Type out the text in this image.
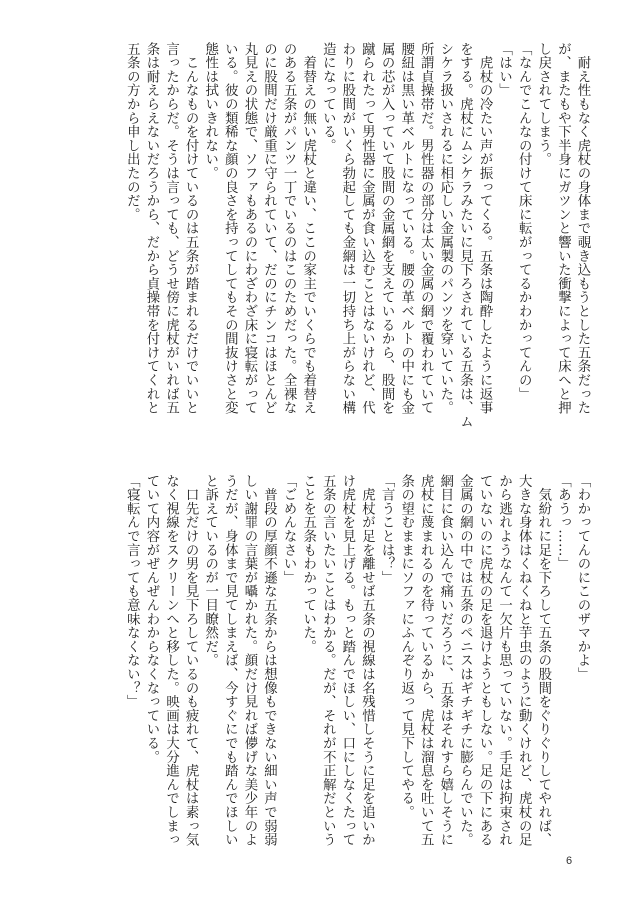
　耐え性もなく虎杖の身体まで覗き込もうとした五条だった
が、またもや下半身にガツンと響いた衝撃によって床へと押
し戻されてしまう。
「なんでこんなの付けて床に転がってるかわかってんの」
「はい」
　虎杖の冷たい声が振ってくる。五条は陶酔したように返事
をする。虎杖にムシケラみたいに見下ろされている五条は、ム
シケラ扱いされるに相応しい金属製のパンツを穿いていた。
所謂貞操帯だ。男性器の部分は太い金属の網で覆われていて
腰紐は黒い革ベルトになっている。腰の革ベルトの中にも金
属の芯が入っていて股間の金属網を支えているから、股間を
蹴られたって男性器に金属が食い込むことはないけれど、代
わりに股間がいくら勃起しても金網は一切持ち上がらない構
造になっている。
　着替えの無い虎杖と違い、ここの家主でいくらでも着替え
のある五条がパンツ一丁でいるのはこのためだった。全裸な
のに股間だけ厳重に守られていて、だのにチンコはほとんど
丸見えの状態で、ソファもあるのにわざわざ床に寝転がって
いる。彼の類稀な顔の良さを持ってしてもその間抜けさと変
態性は拭いきれない。
　こんなものを付けているのは五条が踏まれるだけでいいと
言ったからだ。そうは言っても、どうせ傍に虎杖がいれば五
条は耐えらえないだろうから、だから貞操帯を付けてくれと
五条の方から申し出たのだ。
「わかってんのにこのザマかよ」
「あうっ……」
　気紛れに足を下ろして五条の股間をぐりぐりしてやれば、
大きな身体はくねくねと芋虫のように動くけれど、虎杖の足
から逃れようなんて一欠片も思っていない。手足は拘束され
ていないのに虎杖の足を退けようともしない。足の下にある
金属の網の中では五条のペニスはギチギチに膨らんでいた。
網目に食い込んで痛いだろうに、五条はそれすら嬉しそうに
虎杖に蔑まれるのを待っているから、虎杖は溜息を吐いて五
条の望むままにソファにふんぞり返って見下してやる。
「言うことは？」
　虎杖が足を離せば五条の視線は名残惜しそうに足を追いか
け虎杖を見上げる。もっと踏んでほしい、口にしなくたって
五条の言いたいことはわかる。だが、それが不正解だという
ことを五条もわかっていた。
「ごめんなさい」
　普段の厚顔不遜な五条からは想像もできない細い声で弱弱
しい謝罪の言葉が囁かれた。顔だけ見れば儚げな美少年のよ
うだが、身体まで見てしまえば、今すぐにでも踏んでほしい
と訴えているのが一目瞭然だ。
　口先だけの男を見下ろしているのも疲れて、虎杖は素っ気
なく視線をスクリーンへと移した。映画は大分進んでしまっ
ていて内容がぜんぜんわからなくなっている。
「寝転んで言っても意味なくない？」
6
